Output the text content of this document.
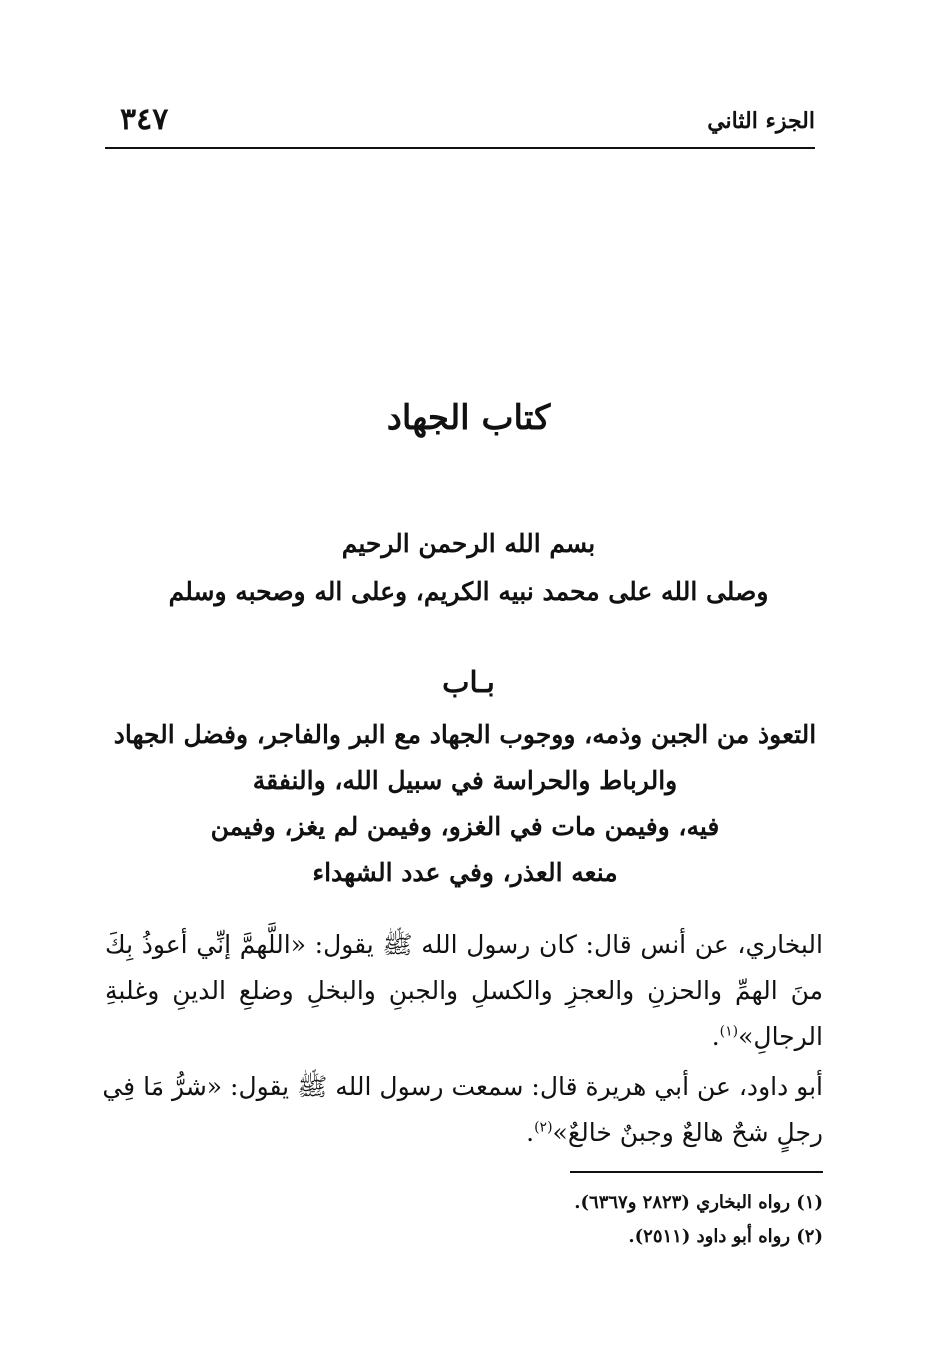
الجزء الثاني
٣٤٧
كتاب الجهاد
بسم الله الرحمن الرحيم
وصلى الله على محمد نبيه الكريم، وعلى اله وصحبه وسلم
بـاب
التعوذ من الجبن وذمه، ووجوب الجهاد مع البر والفاجر، وفضل الجهاد
والرباط والحراسة في سبيل الله، والنفقة
فيه، وفيمن مات في الغزو، وفيمن لم يغز، وفيمن
منعه العذر، وفي عدد الشهداء
البخاري، عن أنس قال: كان رسول الله ﷺ يقول: «اللَّهمَّ إنِّي أعوذُ بِكَ
منَ الهمِّ والحزنِ والعجزِ والكسلِ والجبنِ والبخلِ وضلعِ الدينِ وغلبةِ
الرجالِ»$^{(١)}$.
أبو داود، عن أبي هريرة قال: سمعت رسول الله ﷺ يقول: «شرُّ مَا فِي
رجلٍ شحٌ هالعٌ وجبنٌ خالعٌ»$^{(٢)}$.
(١) رواه البخاري (٢٨٢٣ و٦٣٦٧).
(٢) رواه أبو داود (٢٥١١).
